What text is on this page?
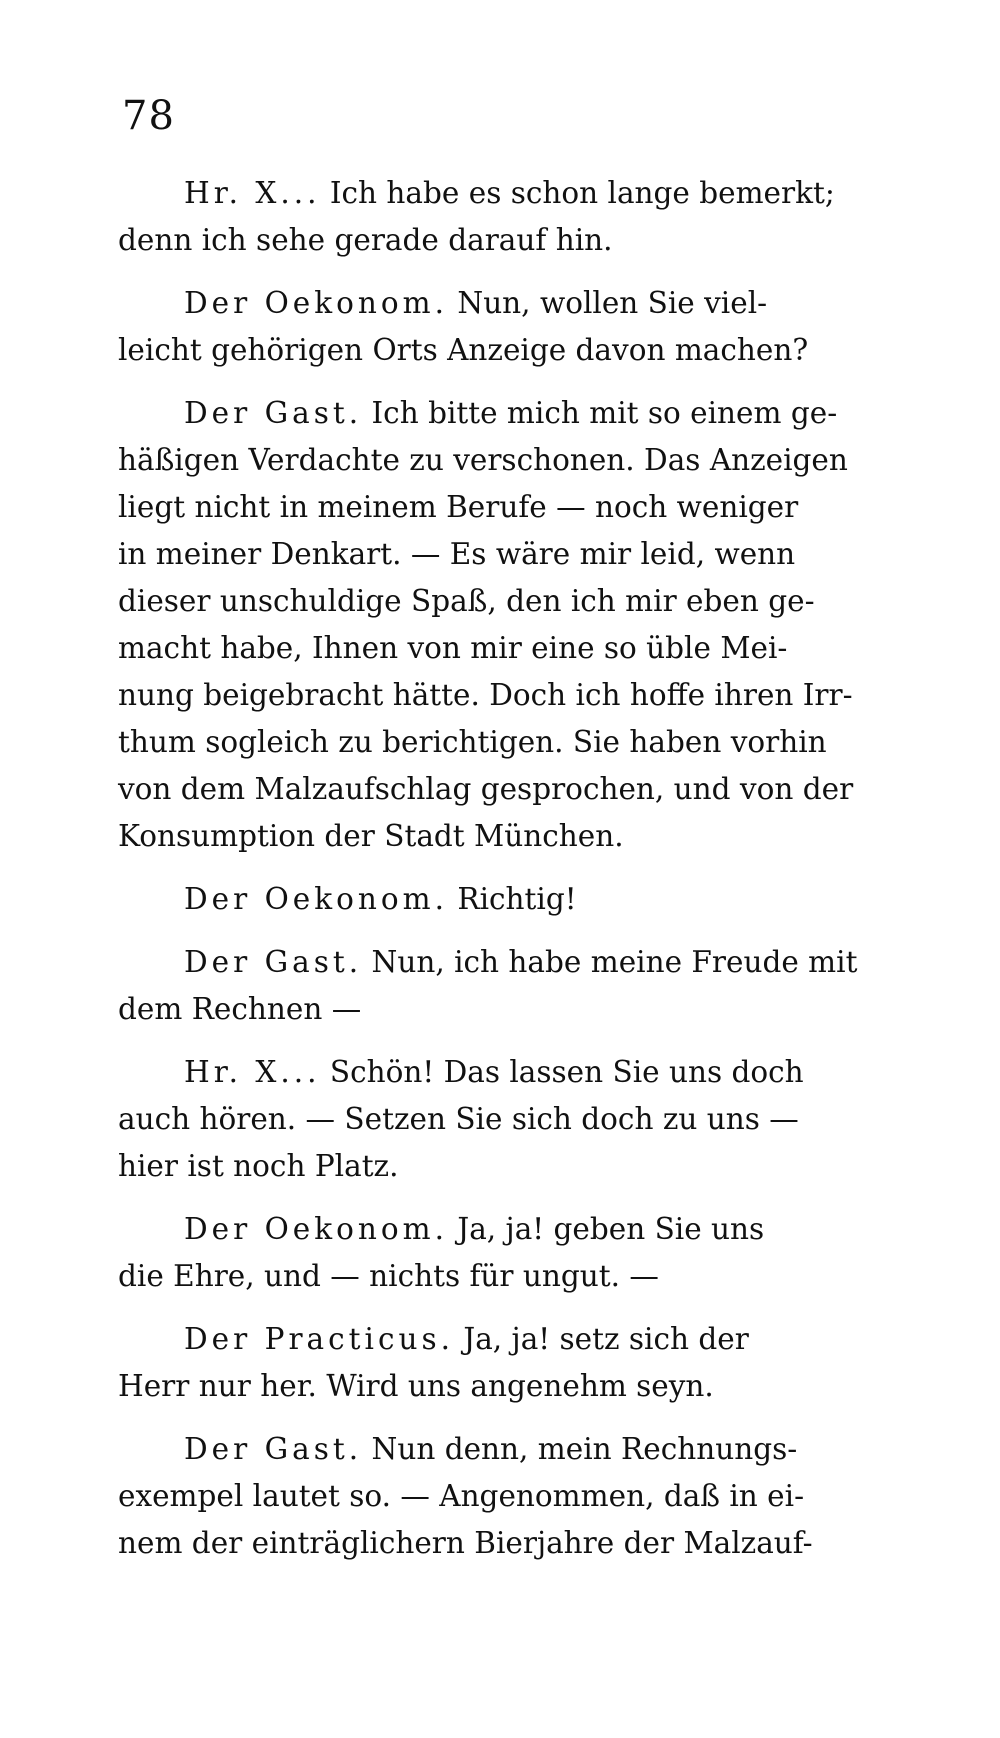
78
Hr. X... Ich habe es schon lange bemerkt;
denn ich sehe gerade darauf hin.
Der Oekonom. Nun, wollen Sie viel-
leicht gehörigen Orts Anzeige davon machen?
Der Gast. Ich bitte mich mit so einem ge-
häßigen Verdachte zu verschonen. Das Anzeigen
liegt nicht in meinem Berufe — noch weniger
in meiner Denkart. — Es wäre mir leid, wenn
dieser unschuldige Spaß, den ich mir eben ge-
macht habe, Ihnen von mir eine so üble Mei-
nung beigebracht hätte. Doch ich hoffe ihren Irr-
thum sogleich zu berichtigen. Sie haben vorhin
von dem Malzaufschlag gesprochen, und von der
Konsumption der Stadt München.
Der Oekonom. Richtig!
Der Gast. Nun, ich habe meine Freude mit
dem Rechnen —
Hr. X... Schön! Das lassen Sie uns doch
auch hören. — Setzen Sie sich doch zu uns —
hier ist noch Platz.
Der Oekonom. Ja, ja! geben Sie uns
die Ehre, und — nichts für ungut. —
Der Practicus. Ja, ja! setz sich der
Herr nur her. Wird uns angenehm seyn.
Der Gast. Nun denn, mein Rechnungs-
exempel lautet so. — Angenommen, daß in ei-
nem der einträglichern Bierjahre der Malzauf-
